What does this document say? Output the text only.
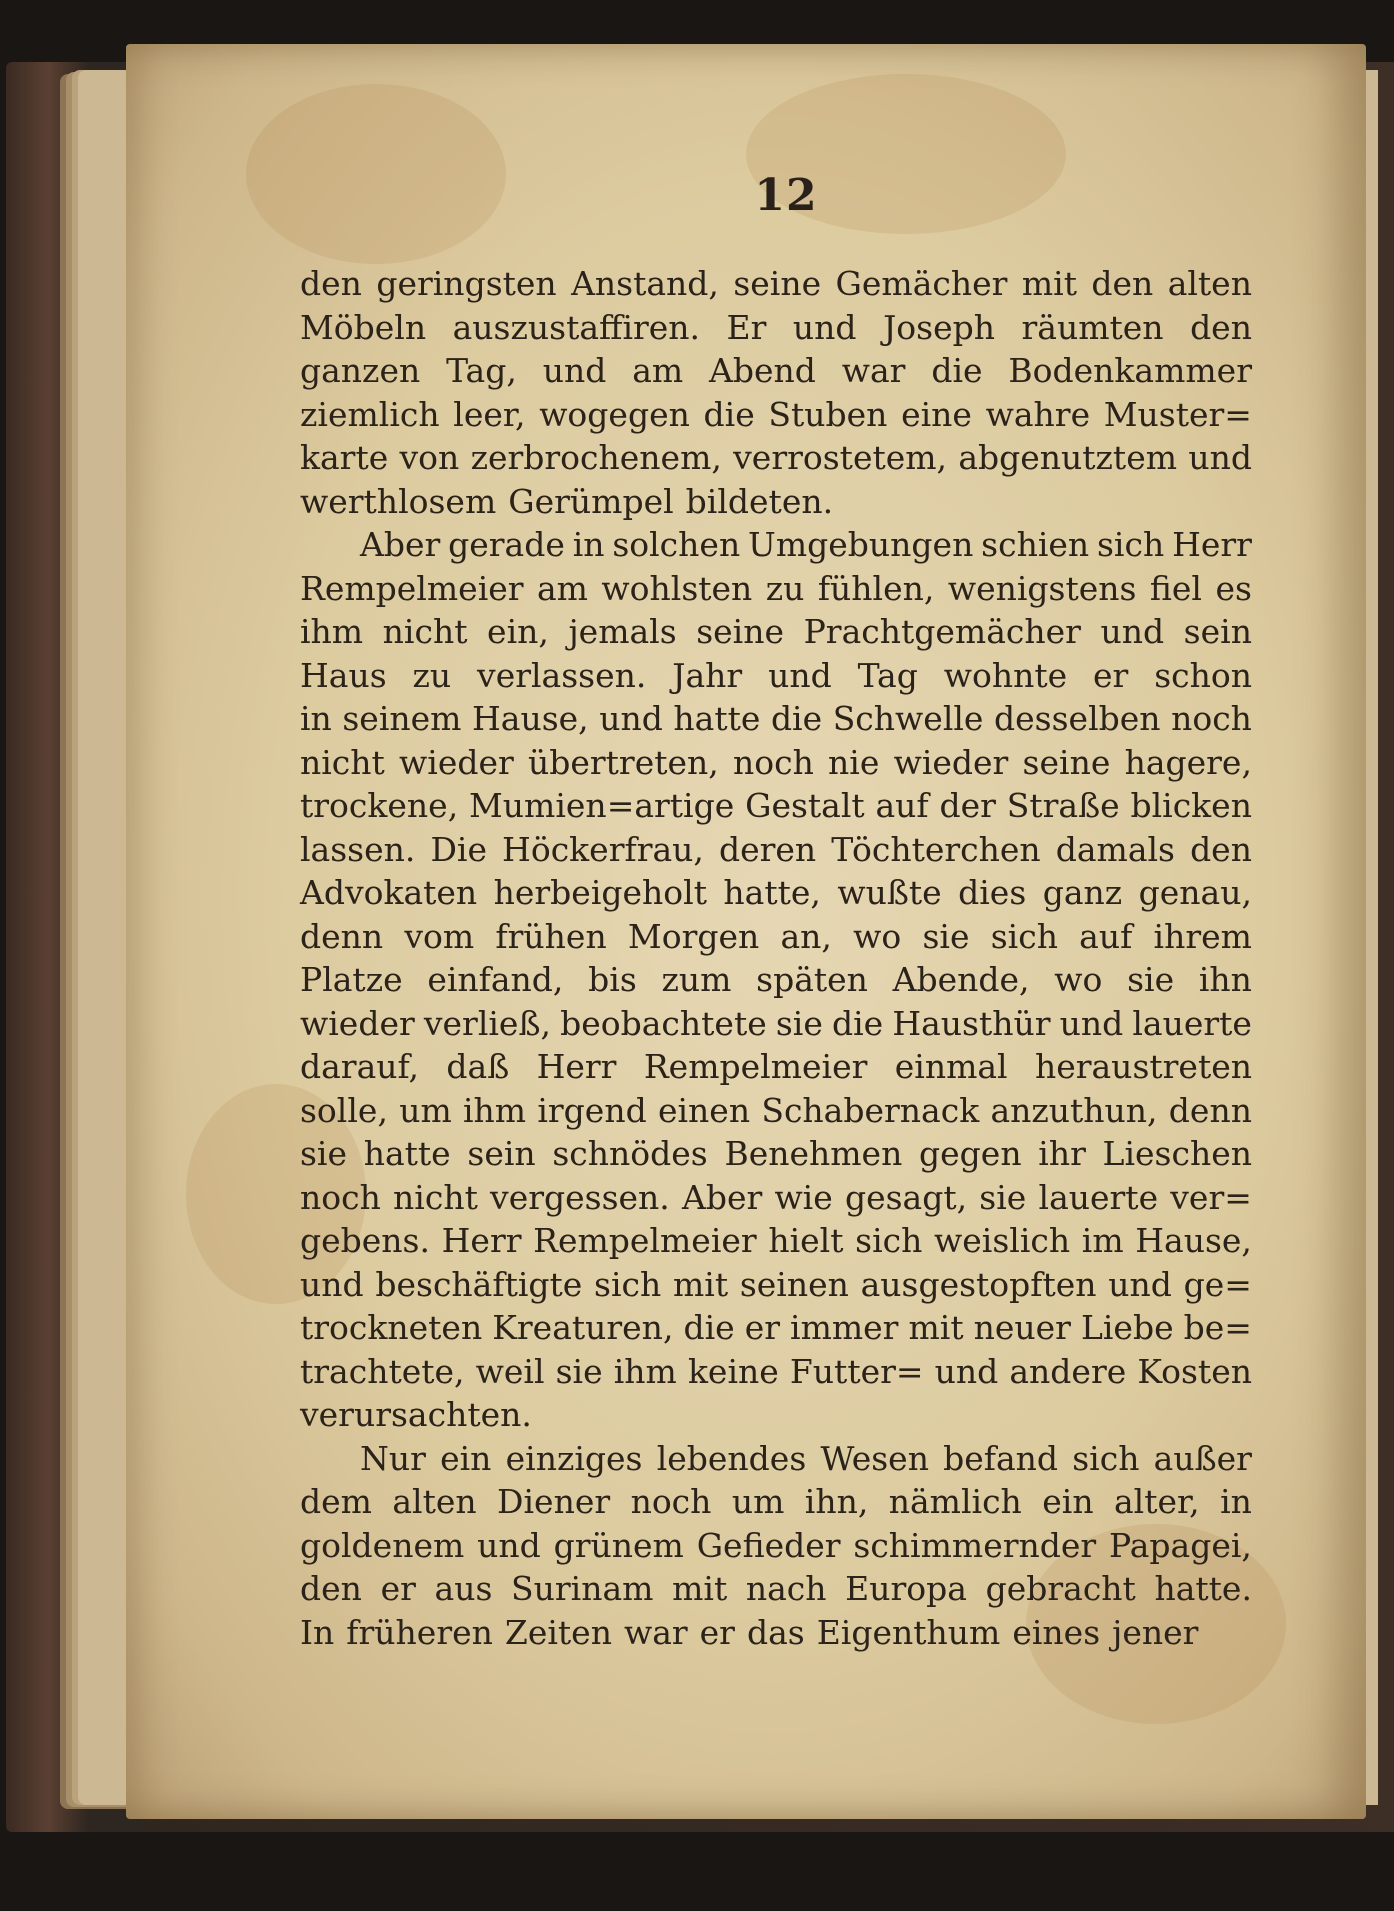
12
den geringsten Anstand, seine Gemächer mit den alten
Möbeln auszustaffiren. Er und Joseph räumten den
ganzen Tag, und am Abend war die Bodenkammer
ziemlich leer, wogegen die Stuben eine wahre Muster=
karte von zerbrochenem, verrostetem, abgenutztem und
werthlosem Gerümpel bildeten.
Aber gerade in solchen Umgebungen schien sich Herr
Rempelmeier am wohlsten zu fühlen, wenigstens fiel es
ihm nicht ein, jemals seine Prachtgemächer und sein
Haus zu verlassen. Jahr und Tag wohnte er schon
in seinem Hause, und hatte die Schwelle desselben noch
nicht wieder übertreten, noch nie wieder seine hagere,
trockene, Mumien=artige Gestalt auf der Straße blicken
lassen. Die Höckerfrau, deren Töchterchen damals den
Advokaten herbeigeholt hatte, wußte dies ganz genau,
denn vom frühen Morgen an, wo sie sich auf ihrem
Platze einfand, bis zum späten Abende, wo sie ihn
wieder verließ, beobachtete sie die Hausthür und lauerte
darauf, daß Herr Rempelmeier einmal heraustreten
solle, um ihm irgend einen Schabernack anzuthun, denn
sie hatte sein schnödes Benehmen gegen ihr Lieschen
noch nicht vergessen. Aber wie gesagt, sie lauerte ver=
gebens. Herr Rempelmeier hielt sich weislich im Hause,
und beschäftigte sich mit seinen ausgestopften und ge=
trockneten Kreaturen, die er immer mit neuer Liebe be=
trachtete, weil sie ihm keine Futter= und andere Kosten
verursachten.
Nur ein einziges lebendes Wesen befand sich außer
dem alten Diener noch um ihn, nämlich ein alter, in
goldenem und grünem Gefieder schimmernder Papagei,
den er aus Surinam mit nach Europa gebracht hatte.
In früheren Zeiten war er das Eigenthum eines jener
